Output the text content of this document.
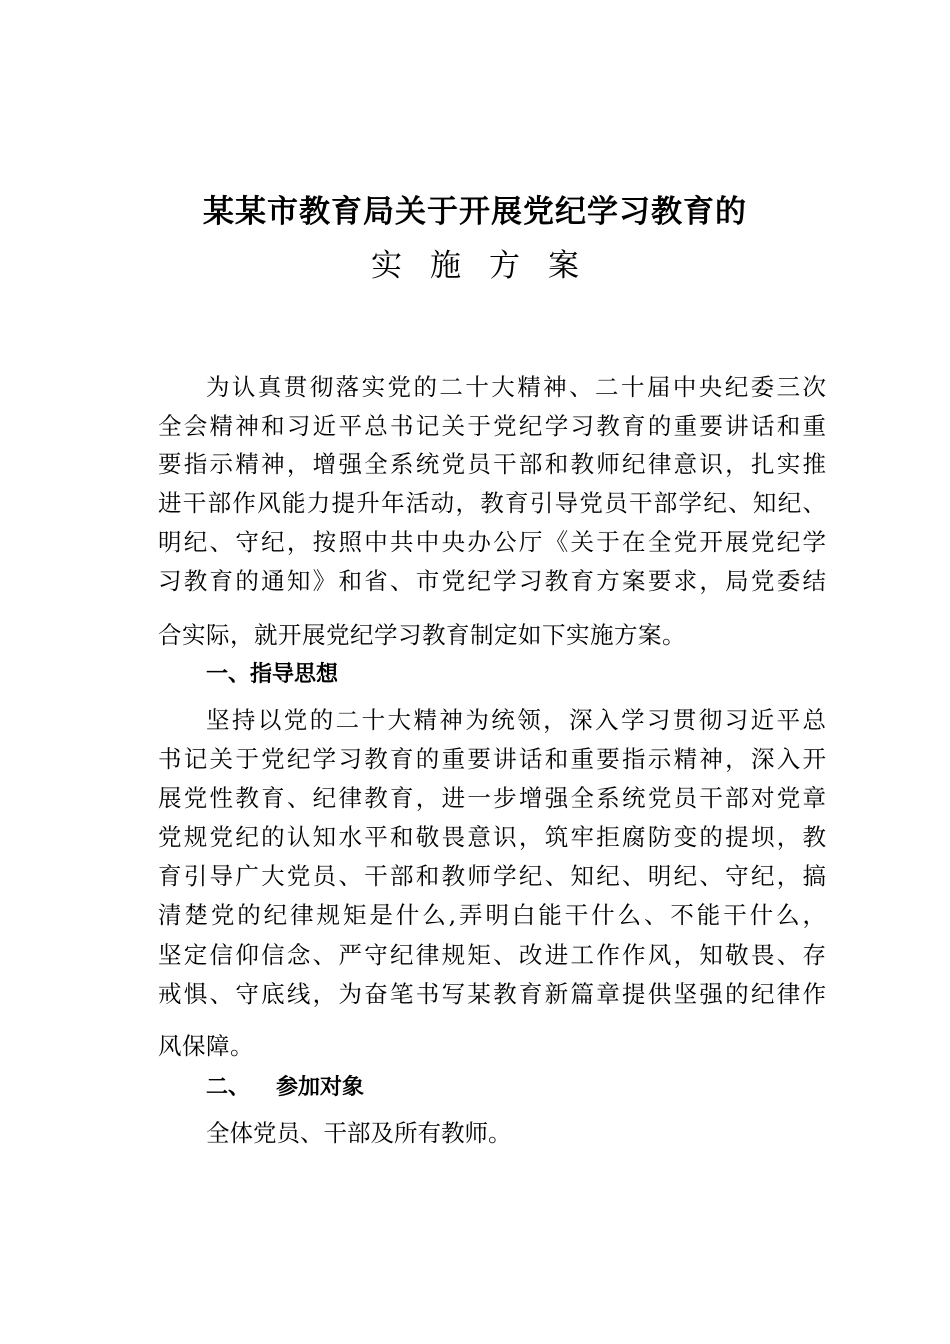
某某市教育局关于开展党纪学习教育的
实施方案
为认真贯彻落实党的二十大精神、二十届中央纪委三次
全会精神和习近平总书记关于党纪学习教育的重要讲话和重
要指示精神，增强全系统党员干部和教师纪律意识，扎实推
进干部作风能力提升年活动，教育引导党员干部学纪、知纪、
明纪、守纪，按照中共中央办公厅《关于在全党开展党纪学
习教育的通知》和省、市党纪学习教育方案要求，局党委结
合实际，就开展党纪学习教育制定如下实施方案。
一、指导思想
坚持以党的二十大精神为统领，深入学习贯彻习近平总
书记关于党纪学习教育的重要讲话和重要指示精神，深入开
展党性教育、纪律教育，进一步增强全系统党员干部对党章
党规党纪的认知水平和敬畏意识，筑牢拒腐防变的提坝，教
育引导广大党员、干部和教师学纪、知纪、明纪、守纪，搞
清楚党的纪律规矩是什么,弄明白能干什么、不能干什么，
坚定信仰信念、严守纪律规矩、改进工作作风，知敬畏、存
戒惧、守底线，为奋笔书写某教育新篇章提供坚强的纪律作
风保障。
二、 参加对象
全体党员、干部及所有教师。
